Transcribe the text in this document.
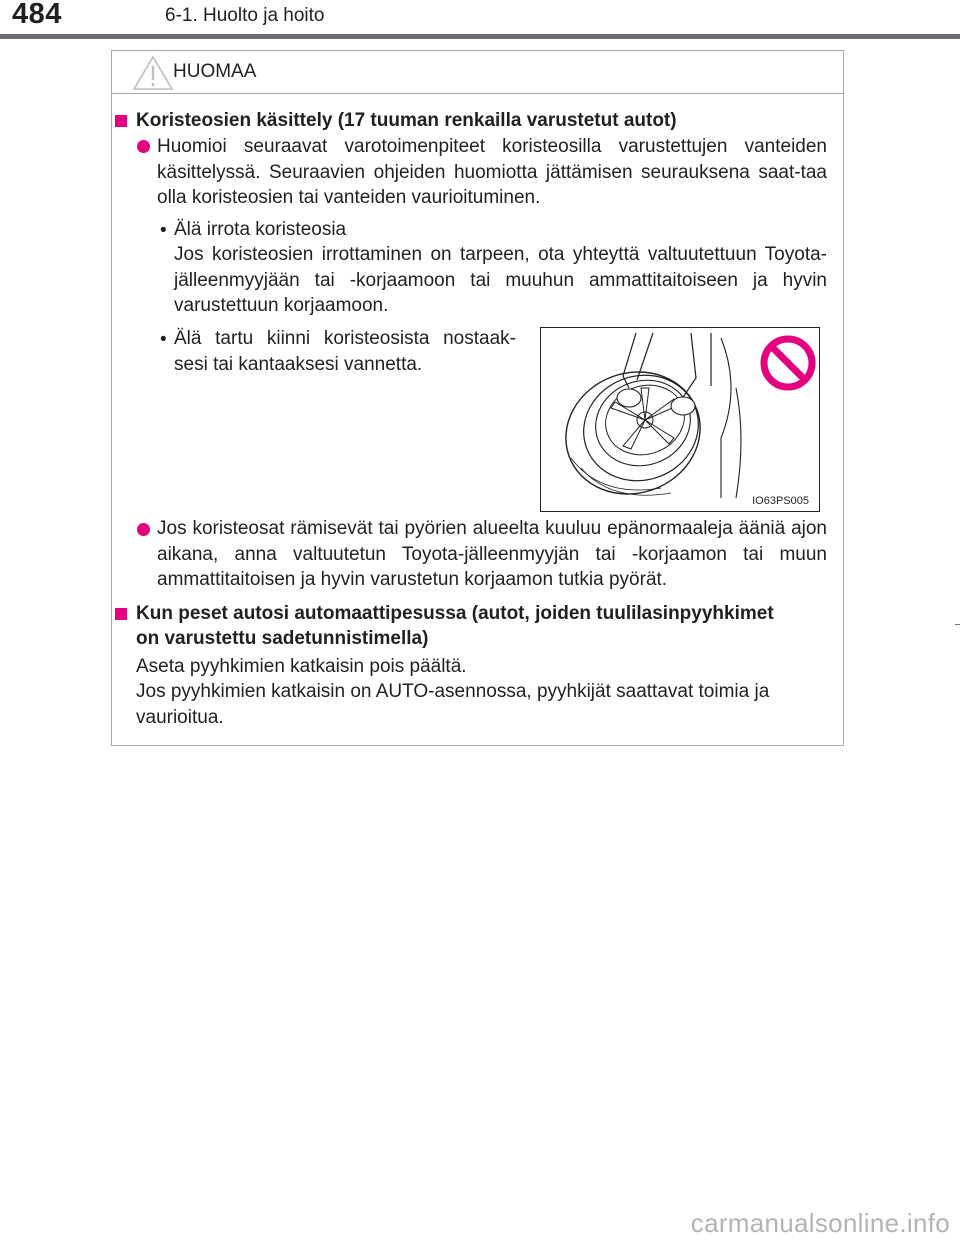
484	6-1. Huolto ja hoito
HUOMAA
Koristeosien käsittely (17 tuuman renkailla varustetut autot)
Huomioi seuraavat varotoimenpiteet koristeosilla varustettujen vanteiden käsittelyssä. Seuraavien ohjeiden huomiotta jättämisen seurauksena saat-taa olla koristeosien tai vanteiden vaurioituminen.
• Älä irrota koristeosia
Jos koristeosien irrottaminen on tarpeen, ota yhteyttä valtuutettuun Toyota-jälleenmyyjään tai -korjaamoon tai muuhun ammattitaitoiseen ja hyvin varustettuun korjaamoon.
• Älä tartu kiinni koristeosista nostaak-sesi tai kantaaksesi vannetta.
IO63PS005
Jos koristeosat rämisevät tai pyörien alueelta kuuluu epänormaaleja ääniä ajon aikana, anna valtuutetun Toyota-jälleenmyyjän tai -korjaamon tai muun ammattitaitoisen ja hyvin varustetun korjaamon tutkia pyörät.
Kun peset autosi automaattipesussa (autot, joiden tuulilasinpyyhkimet
on varustettu sadetunnistimella)
Aseta pyyhkimien katkaisin pois päältä.
Jos pyyhkimien katkaisin on AUTO-asennossa, pyyhkijät saattavat toimia ja vaurioitua.
carmanualsonline.info
